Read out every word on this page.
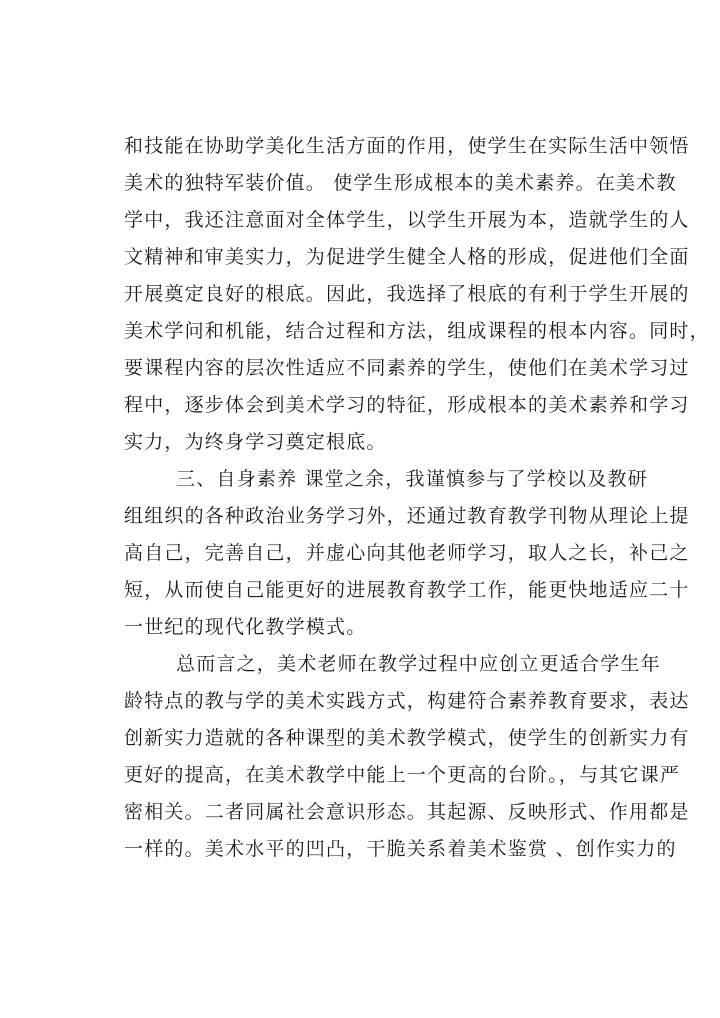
和技能在协助学美化生活方面的作用，使学生在实际生活中领悟
美术的独特军装价值。 使学生形成根本的美术素养。在美术教
学中，我还注意面对全体学生，以学生开展为本，造就学生的人
文精神和审美实力，为促进学生健全人格的形成，促进他们全面
开展奠定良好的根底。因此，我选择了根底的有利于学生开展的
美术学问和机能，结合过程和方法，组成课程的根本内容。同时，
要课程内容的层次性适应不同素养的学生，使他们在美术学习过
程中，逐步体会到美术学习的特征，形成根本的美术素养和学习
实力，为终身学习奠定根底。
三、自身素养 课堂之余，我谨慎参与了学校以及教研
组组织的各种政治业务学习外，还通过教育教学刊物从理论上提
高自己，完善自己，并虚心向其他老师学习，取人之长，补己之
短，从而使自己能更好的进展教育教学工作，能更快地适应二十
一世纪的现代化教学模式。
总而言之，美术老师在教学过程中应创立更适合学生年
龄特点的教与学的美术实践方式，构建符合素养教育要求，表达
创新实力造就的各种课型的美术教学模式，使学生的创新实力有
更好的提高，在美术教学中能上一个更高的台阶。，与其它课严
密相关。二者同属社会意识形态。其起源、反映形式、作用都是
一样的。美术水平的凹凸，干脆关系着美术鉴赏 、创作实力的
